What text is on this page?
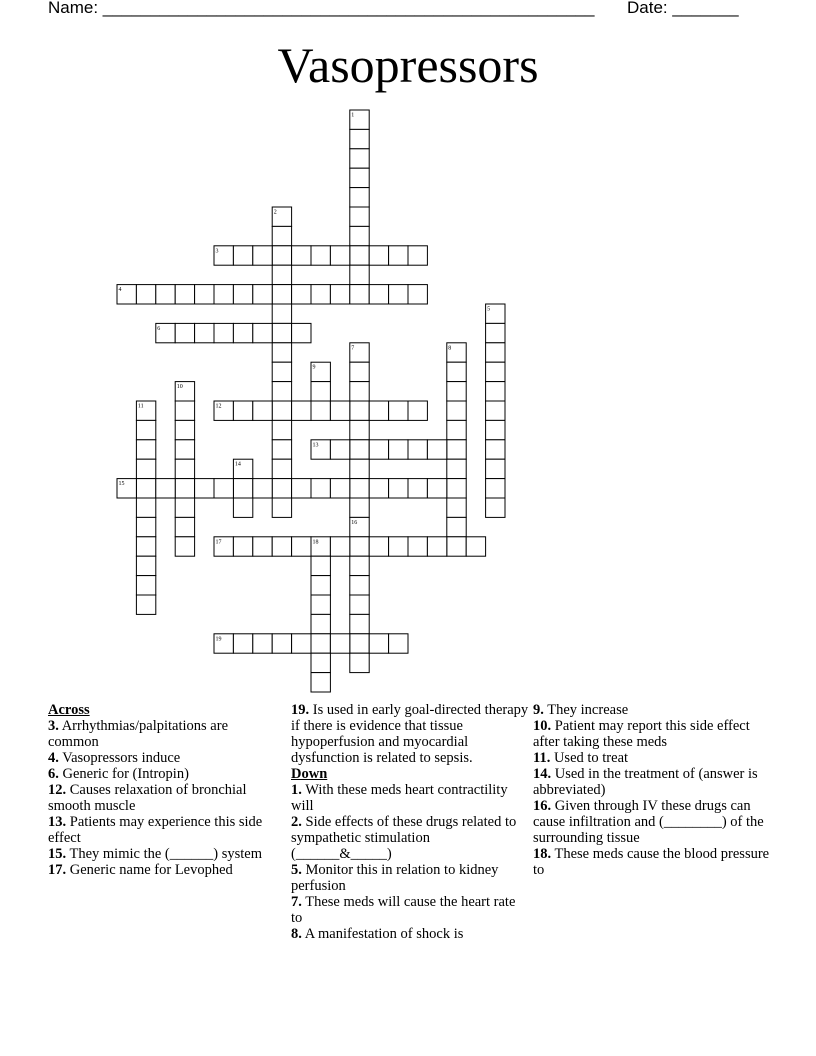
Name: ____________________________________________________ Date: _______
Vasopressors
1
2
3
4
5
6
7	8
9
10
11	12
13
14
15
16
17	18
19

Across

3. Arrhythmias/palpitations are common

4. Vasopressors induce

6. Generic for (Intropin)

12. Causes relaxation of bronchial smooth muscle

13. Patients may experience this side effect

15. They mimic the (______) system

17. Generic name for Levophed

19. Is used in early goal-directed therapy if there is evidence that tissue hypoperfusion and myocardial dysfunction is related to sepsis.

Down

1. With these meds heart contractility will

2. Side effects of these drugs related to sympathetic stimulation (______&_____)

5. Monitor this in relation to kidney perfusion

7. These meds will cause the heart rate to

8. A manifestation of shock is

9. They increase

10. Patient may report this side effect after taking these meds

11. Used to treat

14. Used in the treatment of (answer is abbreviated)

16. Given through IV these drugs can cause infiltration and (________) of the surrounding tissue

18. These meds cause the blood pressure to
